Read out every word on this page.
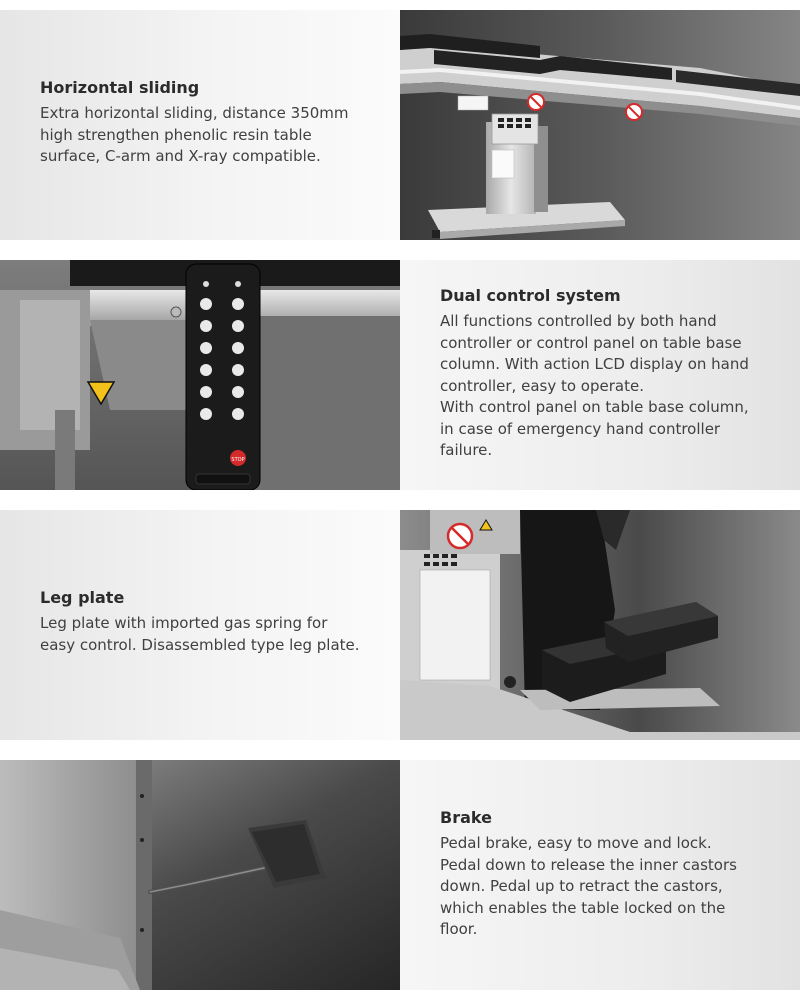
Horizontal sliding

Extra horizontal sliding, distance 350mm
high strengthen phenolic resin table
surface, C-arm and X-ray compatible.

STOP

Dual control system

All functions controlled by both hand
controller or control panel on table base
column. With action LCD display on hand
controller, easy to operate.
With control panel on table base column,
in case of emergency hand controller
failure.

Leg plate

Leg plate with imported gas spring for
easy control. Disassembled type leg plate.

Brake

Pedal brake, easy to move and lock.
Pedal down to release the inner castors
down. Pedal up to retract the castors,
which enables the table locked on the
floor.
